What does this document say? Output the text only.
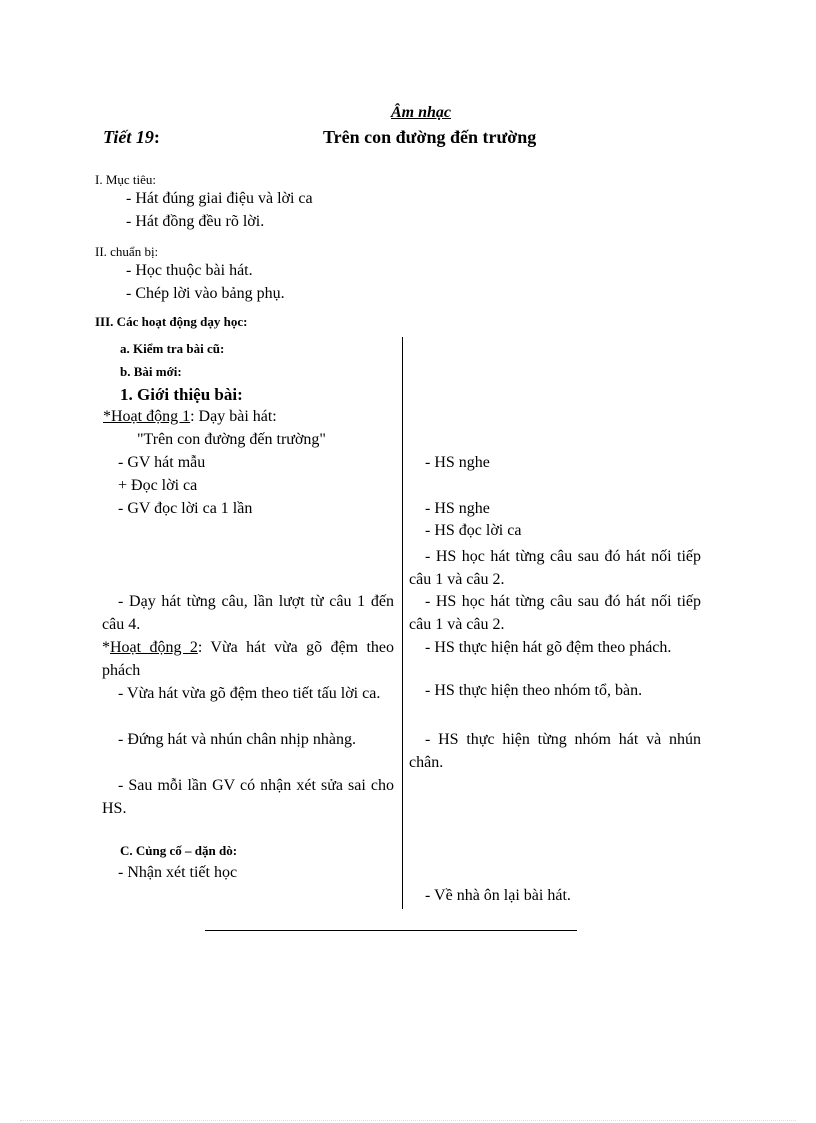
Âm nhạc
Tiết 19:	Trên con đường đến trường
I. Mục tiêu:
- Hát đúng giai điệu và lời ca
- Hát đồng đều rõ lời.
II. chuẩn bị:
- Học thuộc bài hát.
- Chép lời vào bảng phụ.
III. Các hoạt động dạy học:
a. Kiểm tra bài cũ:
b. Bài mới:
1. Giới thiệu bài:
*Hoạt động 1: Dạy bài hát:
"Trên con đường đến trường"
- GV hát mẫu
+ Đọc lời ca
- GV đọc lời ca 1 lần
- Dạy hát từng câu, lần lượt từ câu 1 đến câu 4.
*Hoạt động 2: Vừa hát vừa gõ đệm theo phách
- Vừa hát vừa gõ đệm theo tiết tấu lời ca.
- Đứng hát và nhún chân nhịp nhàng.
- Sau mỗi lần GV có nhận xét sửa sai cho HS.
C. Củng cố – dặn dò:
- Nhận xét tiết học
- HS nghe
- HS nghe
- HS đọc lời ca
- HS học hát từng câu sau đó hát nối tiếp câu 1 và câu 2.
- HS học hát từng câu sau đó hát nối tiếp câu 1 và câu 2.
- HS thực hiện hát gõ đệm theo phách.
- HS thực hiện theo nhóm tổ, bàn.
- HS thực hiện từng nhóm hát và nhún chân.
- Về nhà ôn lại bài hát.
